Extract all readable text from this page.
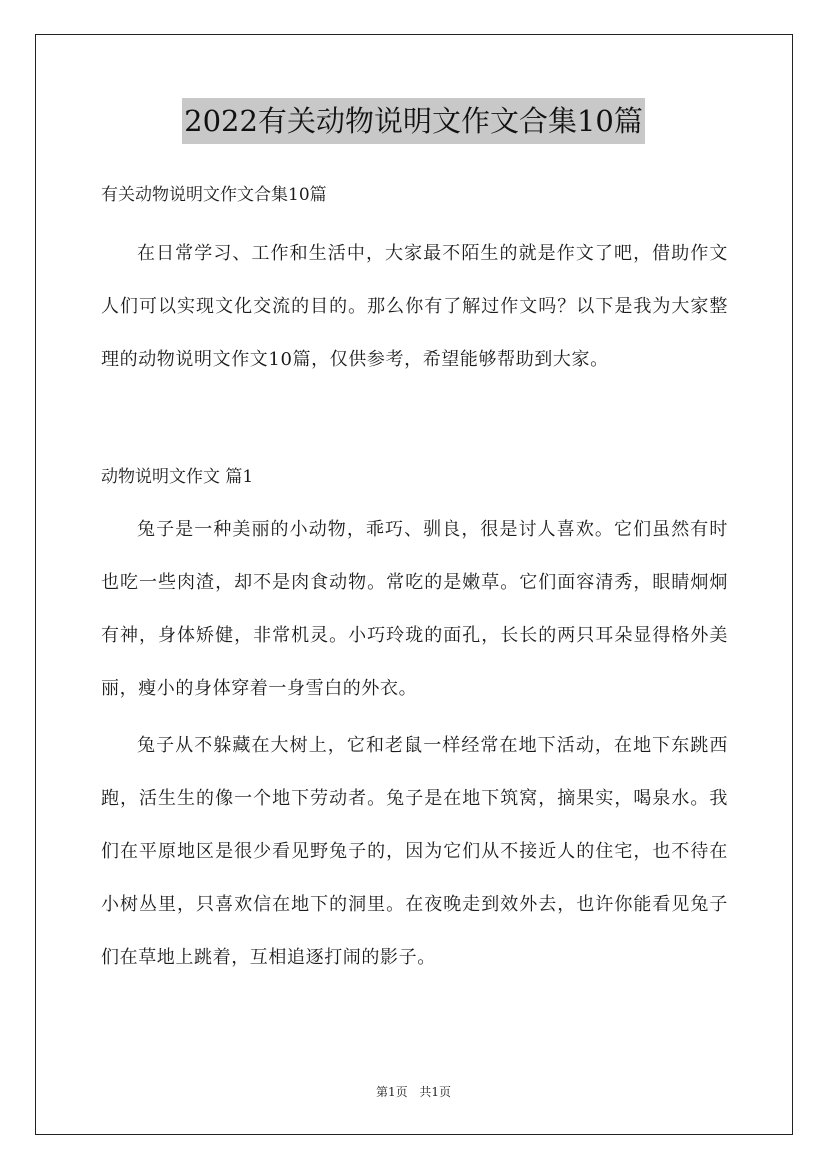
2022有关动物说明文作文合集10篇

有关动物说明文作文合集10篇

在日常学习、工作和生活中，大家最不陌生的就是作文了吧，借助作文人们可以实现文化交流的目的。那么你有了解过作文吗？以下是我为大家整理的动物说明文作文10篇，仅供参考，希望能够帮助到大家。

动物说明文作文 篇1

兔子是一种美丽的小动物，乖巧、驯良，很是讨人喜欢。它们虽然有时也吃一些肉渣，却不是肉食动物。常吃的是嫩草。它们面容清秀，眼睛炯炯有神，身体矫健，非常机灵。小巧玲珑的面孔，长长的两只耳朵显得格外美丽，瘦小的身体穿着一身雪白的外衣。

兔子从不躲藏在大树上，它和老鼠一样经常在地下活动，在地下东跳西跑，活生生的像一个地下劳动者。兔子是在地下筑窝，摘果实，喝泉水。我们在平原地区是很少看见野兔子的，因为它们从不接近人的住宅，也不待在小树丛里，只喜欢信在地下的洞里。在夜晚走到效外去，也许你能看见兔子们在草地上跳着，互相追逐打闹的影子。

第1页 共1页
